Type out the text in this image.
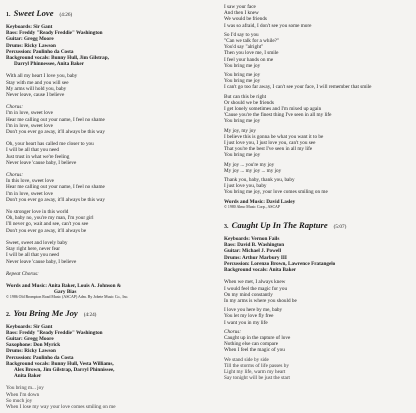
1. Sweet Love (4:26)
Keyboards: Sir Gant
Bass: Freddy "Ready Freddie" Washington
Guitar: Gregg Moore
Drums: Ricky Lawson
Percussion: Paulinho da Costa
Background vocals: Bunny Hull, Jim Gilstrap,
Darryl Phinnessee, Anita Baker
With all my heart I love you, baby
Stay with me and you will see
My arms will hold you, baby
Never leave, cause I believe
Chorus:
I'm in love, sweet love
Hear me calling out your name, I feel no shame
I'm in love, sweet love
Don't you ever go away, it'll always be this way
Oh, your heart has called me closer to you
I will be all that you need
Just trust in what we're feeling
Never leave 'cause baby, I believe
Chorus:
In this love, sweet love
Hear me calling out your name, I feel no shame
I'm in love, sweet love
Don't you ever go away, it'll always be this way
No stronger love in this world
Oh, baby no, you're my man, I'm your girl
I'll never go, wait and see, can't you see
Don't you ever go away, it'll always be
Sweet, sweet and lovely baby
Stay right here, never fear
I will be all that you need
Never leave 'cause baby, I believe
Repeat Chorus:
Words and Music: Anita Baker, Louis A. Johnson &
Gary Bias
© 1986 Old Brompton Road Music (ASCAP) Adm. By Jobete Music Co., Inc.
2. You Bring Me Joy (4:24)
Keyboards: Sir Gant
Bass: Freddy "Ready Freddie" Washington
Guitar: Gregg Moore
Saxophone: Don Myrick
Drums: Ricky Lawson
Percussion: Paulinho da Costa
Background vocals: Bunny Hull, Vesta Williams,
Alex Brown, Jim Gilstrap, Darryl Phinnissee,
Anita Baker
You bring m... joy
When I'm down
So much joy
When I lose my way your love comes smiling on me
I saw your face
And then I knew
We would be friends
I was so afraid, I don't see you some more
So I'd say to you
"Can we talk for a while?"
You'd say "alright"
Then you love me, I smile
I feel your hands on me
You bring me joy
You bring me joy
You bring me joy
I can't go too far away, I can't see your face, I will remember that smile
But can this be right
Or should we be friends
I get lonely sometimes and I'm mixed up again
'Cause you're the finest thing I've seen in all my life
You bring me joy
My joy, my joy
I believe this is gonna be what you want it to be
I just love you, I just love you, can't you see
That you're the best I've seen in all my life
You bring me joy
My joy ... you're my joy
My joy ... my joy ... my joy
Thank you, baby, thank you, baby
I just love you, baby
You bring me joy, your love comes smiling on me
Words and Music: David Lasley
© 1980 Almo Music Corp., ASCAP
3. Caught Up In The Rapture (5:07)
Keyboards: Vernon Fails
Bass: David B. Washington
Guitar: Michael J. Powell
Drums: Arthur Marbury III
Percussion: Lorenzo Brown, Lawrence Fratangelo
Background vocals: Anita Baker
When we met, I always knew
I would feel the magic for you
On my mind constantly
In my arms is where you should be
I love you here by me, baby
You let my love fly free
I want you in my life
Chorus:
Caught up in the rapture of love
Nothing else can compare
When I feel the magic of you
We stand side by side
Till the storms of life passes by
Light my life, warm my heart
Say tonight will be just the start
